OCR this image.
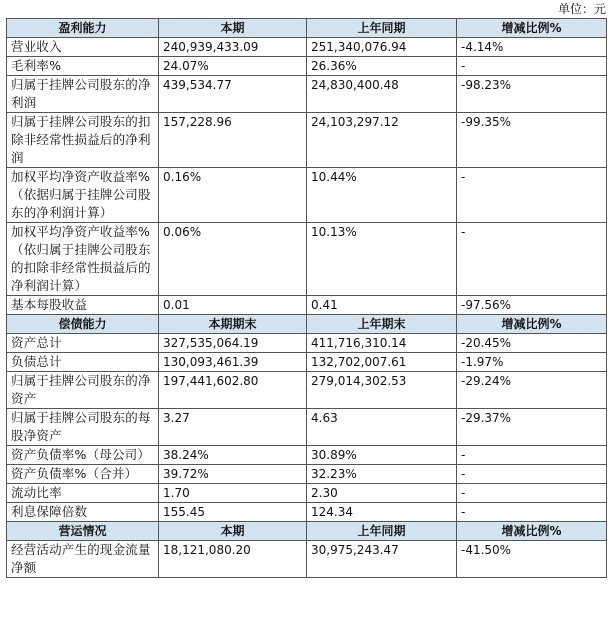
单位：元
盈利能力	本期	上年同期	增减比例%
营业收入	240,939,433.09	251,340,076.94	-4.14%
毛利率%	24.07%	26.36%	-
归属于挂牌公司股东的净利润	439,534.77	24,830,400.48	-98.23%
归属于挂牌公司股东的扣除非经常性损益后的净利润	157,228.96	24,103,297.12	-99.35%
加权平均净资产收益率%（依据归属于挂牌公司股东的净利润计算）	0.16%	10.44%	-
加权平均净资产收益率%（依归属于挂牌公司股东的扣除非经常性损益后的净利润计算）	0.06%	10.13%	-
基本每股收益	0.01	0.41	-97.56%
偿债能力	本期期末	上年期末	增减比例%
资产总计	327,535,064.19	411,716,310.14	-20.45%
负债总计	130,093,461.39	132,702,007.61	-1.97%
归属于挂牌公司股东的净资产	197,441,602.80	279,014,302.53	-29.24%
归属于挂牌公司股东的每股净资产	3.27	4.63	-29.37%
资产负债率%（母公司）	38.24%	30.89%	-
资产负债率%（合并）	39.72%	32.23%	-
流动比率	1.70	2.30	-
利息保障倍数	155.45	124.34	-
营运情况	本期	上年同期	增减比例%
经营活动产生的现金流量净额	18,121,080.20	30,975,243.47	-41.50%
